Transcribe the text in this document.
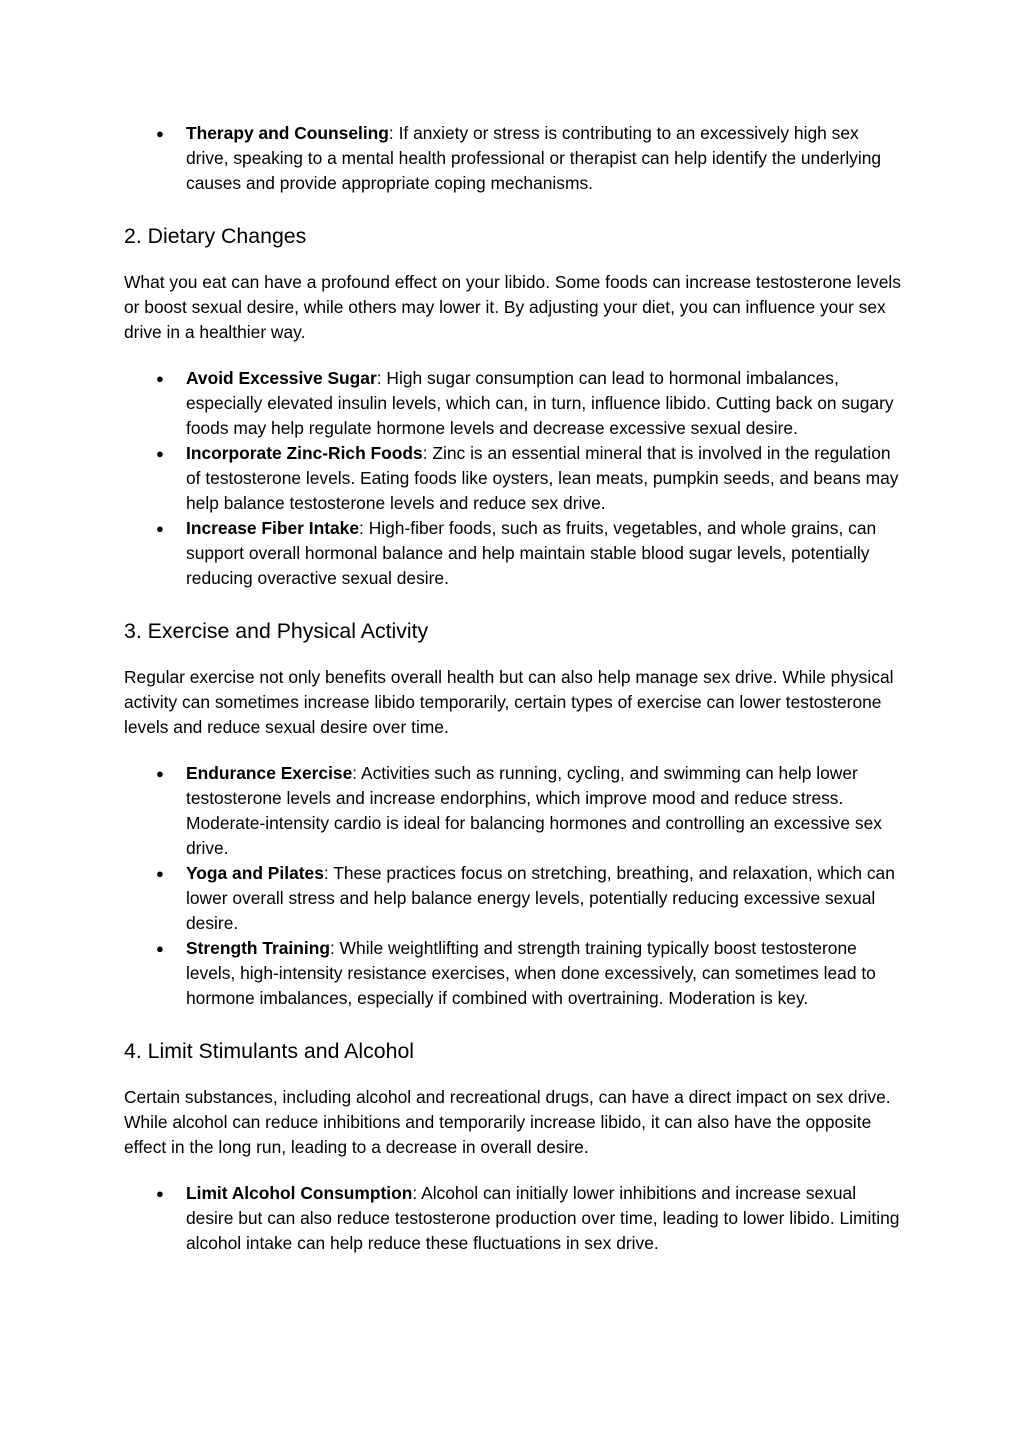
● Therapy and Counseling: If anxiety or stress is contributing to an excessively high sex drive, speaking to a mental health professional or therapist can help identify the underlying causes and provide appropriate coping mechanisms.
2. Dietary Changes

What you eat can have a profound effect on your libido. Some foods can increase testosterone levels or boost sexual desire, while others may lower it. By adjusting your diet, you can influence your sex drive in a healthier way.

● Avoid Excessive Sugar: High sugar consumption can lead to hormonal imbalances, especially elevated insulin levels, which can, in turn, influence libido. Cutting back on sugary foods may help regulate hormone levels and decrease excessive sexual desire.
● Incorporate Zinc-Rich Foods: Zinc is an essential mineral that is involved in the regulation of testosterone levels. Eating foods like oysters, lean meats, pumpkin seeds, and beans may help balance testosterone levels and reduce sex drive.
● Increase Fiber Intake: High-fiber foods, such as fruits, vegetables, and whole grains, can support overall hormonal balance and help maintain stable blood sugar levels, potentially reducing overactive sexual desire.
3. Exercise and Physical Activity

Regular exercise not only benefits overall health but can also help manage sex drive. While physical activity can sometimes increase libido temporarily, certain types of exercise can lower testosterone levels and reduce sexual desire over time.

● Endurance Exercise: Activities such as running, cycling, and swimming can help lower testosterone levels and increase endorphins, which improve mood and reduce stress. Moderate-intensity cardio is ideal for balancing hormones and controlling an excessive sex drive.
● Yoga and Pilates: These practices focus on stretching, breathing, and relaxation, which can lower overall stress and help balance energy levels, potentially reducing excessive sexual desire.
● Strength Training: While weightlifting and strength training typically boost testosterone levels, high-intensity resistance exercises, when done excessively, can sometimes lead to hormone imbalances, especially if combined with overtraining. Moderation is key.
4. Limit Stimulants and Alcohol

Certain substances, including alcohol and recreational drugs, can have a direct impact on sex drive. While alcohol can reduce inhibitions and temporarily increase libido, it can also have the opposite effect in the long run, leading to a decrease in overall desire.

● Limit Alcohol Consumption: Alcohol can initially lower inhibitions and increase sexual desire but can also reduce testosterone production over time, leading to lower libido. Limiting alcohol intake can help reduce these fluctuations in sex drive.
